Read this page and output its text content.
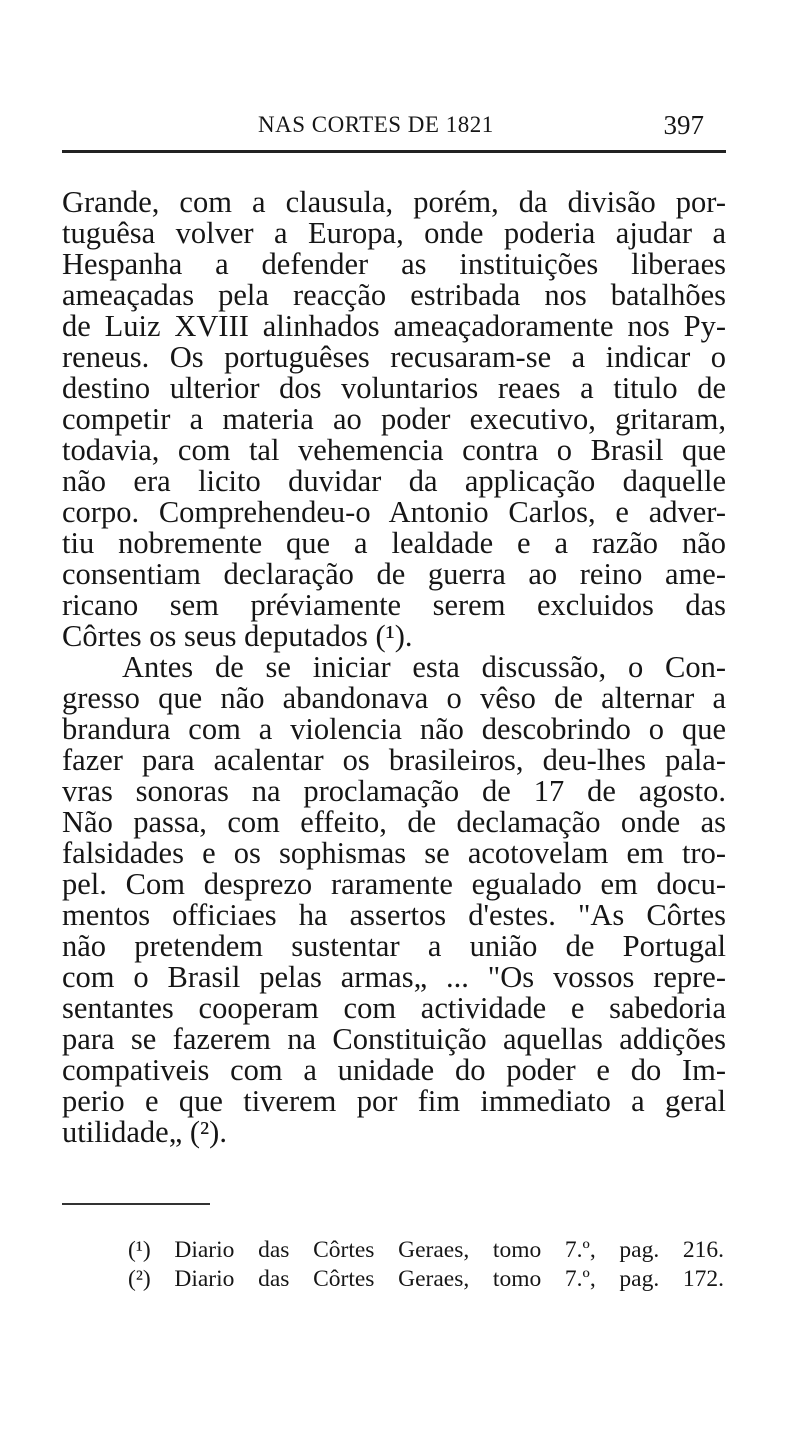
NAS CORTES DE 1821	397
Grande, com a clausula, porém, da divisão por-
tuguêsa volver a Europa, onde poderia ajudar a
Hespanha a defender as instituições liberaes
ameaçadas pela reacção estribada nos batalhões
de Luiz XVIII alinhados ameaçadoramente nos Py-
reneus. Os portuguêses recusaram-se a indicar o
destino ulterior dos voluntarios reaes a titulo de
competir a materia ao poder executivo, gritaram,
todavia, com tal vehemencia contra o Brasil que
não era licito duvidar da applicação daquelle
corpo. Comprehendeu-o Antonio Carlos, e adver-
tiu nobremente que a lealdade e a razão não
consentiam declaração de guerra ao reino ame-
ricano sem préviamente serem excluidos das
Côrtes os seus deputados (¹).
Antes de se iniciar esta discussão, o Con-
gresso que não abandonava o vêso de alternar a
brandura com a violencia não descobrindo o que
fazer para acalentar os brasileiros, deu-lhes pala-
vras sonoras na proclamação de 17 de agosto.
Não passa, com effeito, de declamação onde as
falsidades e os sophismas se acotovelam em tro-
pel. Com desprezo raramente egualado em docu-
mentos officiaes ha assertos d'estes. "As Côrtes
não pretendem sustentar a união de Portugal
com o Brasil pelas armas„ ... "Os vossos repre-
sentantes cooperam com actividade e sabedoria
para se fazerem na Constituição aquellas addições
compativeis com a unidade do poder e do Im-
perio e que tiverem por fim immediato a geral
utilidade„ (²).
(¹) Diario das Côrtes Geraes, tomo 7.º, pag. 216.
(²) Diario das Côrtes Geraes, tomo 7.º, pag. 172.
